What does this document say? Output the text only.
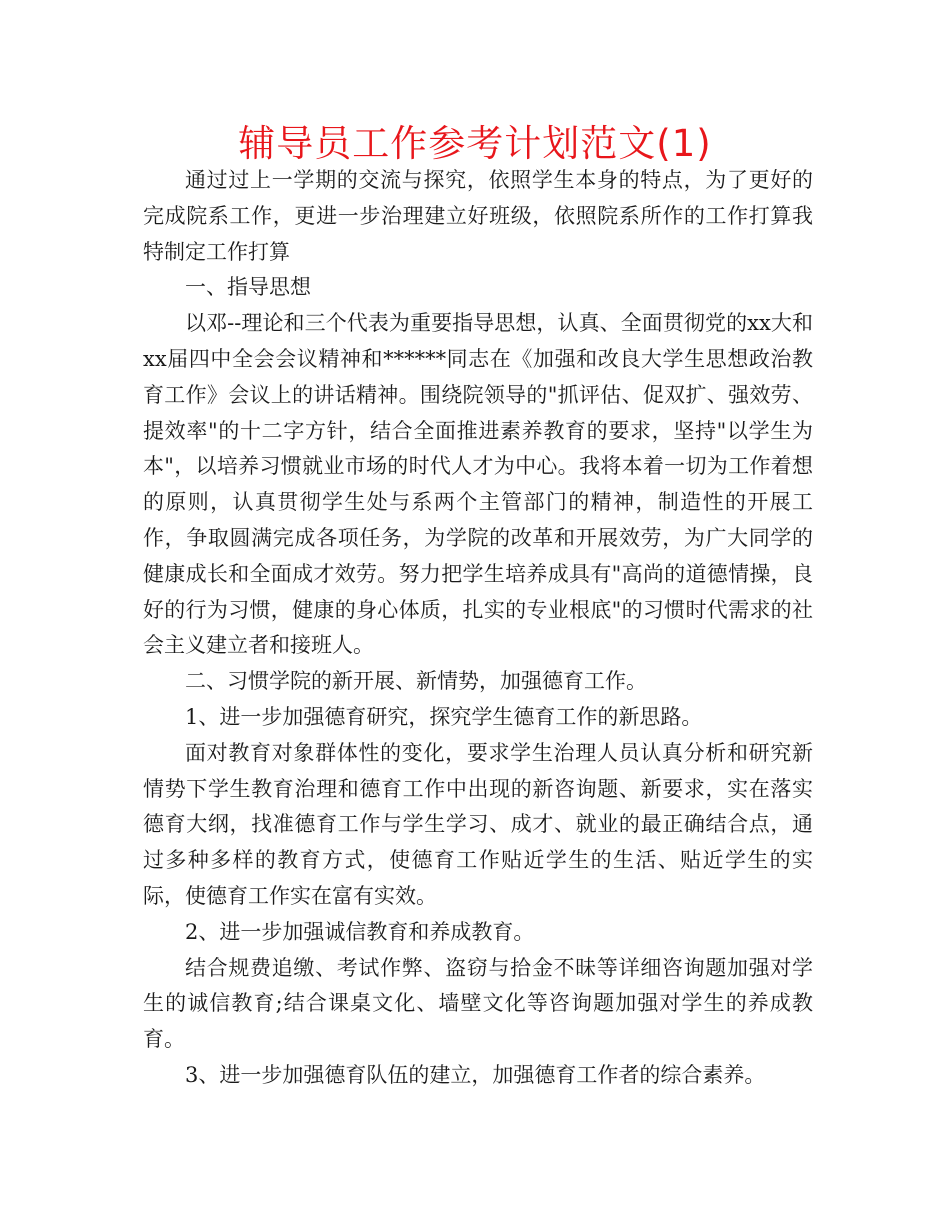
辅导员工作参考计划范文(1)

通过过上一学期的交流与探究，依照学生本身的特点，为了更好的完成院系工作，更进一步治理建立好班级，依照院系所作的工作打算我特制定工作打算

一、指导思想

以邓--理论和三个代表为重要指导思想，认真、全面贯彻党的xx大和xx届四中全会会议精神和******同志在《加强和改良大学生思想政治教育工作》会议上的讲话精神。围绕院领导的"抓评估、促双扩、强效劳、提效率"的十二字方针，结合全面推进素养教育的要求，坚持"以学生为本"，以培养习惯就业市场的时代人才为中心。我将本着一切为工作着想的原则，认真贯彻学生处与系两个主管部门的精神，制造性的开展工作，争取圆满完成各项任务，为学院的改革和开展效劳，为广大同学的健康成长和全面成才效劳。努力把学生培养成具有"高尚的道德情操，良好的行为习惯，健康的身心体质，扎实的专业根底"的习惯时代需求的社会主义建立者和接班人。

二、习惯学院的新开展、新情势，加强德育工作。

1、进一步加强德育研究，探究学生德育工作的新思路。

面对教育对象群体性的变化，要求学生治理人员认真分析和研究新情势下学生教育治理和德育工作中出现的新咨询题、新要求，实在落实德育大纲，找准德育工作与学生学习、成才、就业的最正确结合点，通过多种多样的教育方式，使德育工作贴近学生的生活、贴近学生的实际，使德育工作实在富有实效。

2、进一步加强诚信教育和养成教育。

结合规费追缴、考试作弊、盗窃与拾金不昧等详细咨询题加强对学生的诚信教育;结合课桌文化、墙壁文化等咨询题加强对学生的养成教育。

3、进一步加强德育队伍的建立，加强德育工作者的综合素养。
